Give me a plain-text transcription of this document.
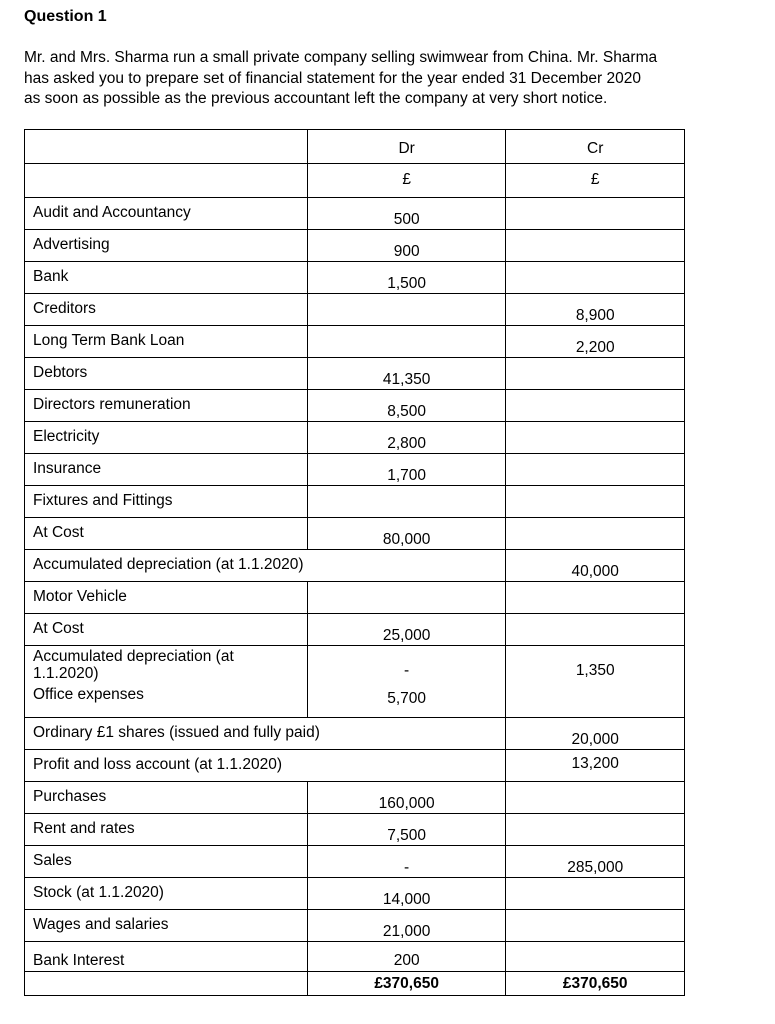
Question 1
Mr. and Mrs. Sharma run a small private company selling swimwear from China. Mr. Sharma
has asked you to prepare set of financial statement for the year ended 31 December 2020
as soon as possible as the previous accountant left the company at very short notice.

	Dr	Cr

	£	£

Audit and Accountancy	500	

Advertising	900	

Bank	1,500	

Creditors		8,900

Long Term Bank Loan		2,200

Debtors	41,350	

Directors remuneration	8,500	

Electricity	2,800	

Insurance	1,700	

Fixtures and Fittings		

At Cost	80,000	

Accumulated depreciation (at 1.1.2020)		40,000

Motor Vehicle		

At Cost	25,000	

Accumulated depreciation (at 1.1.2020)	-	1,350

Office expenses	5,700	

Ordinary £1 shares (issued and fully paid)		20,000

Profit and loss account (at 1.1.2020)		13,200

Purchases	160,000	

Rent and rates	7,500	

Sales	-	285,000

Stock (at 1.1.2020)	14,000	

Wages and salaries	21,000	

Bank Interest	200	

	£370,650	£370,650
